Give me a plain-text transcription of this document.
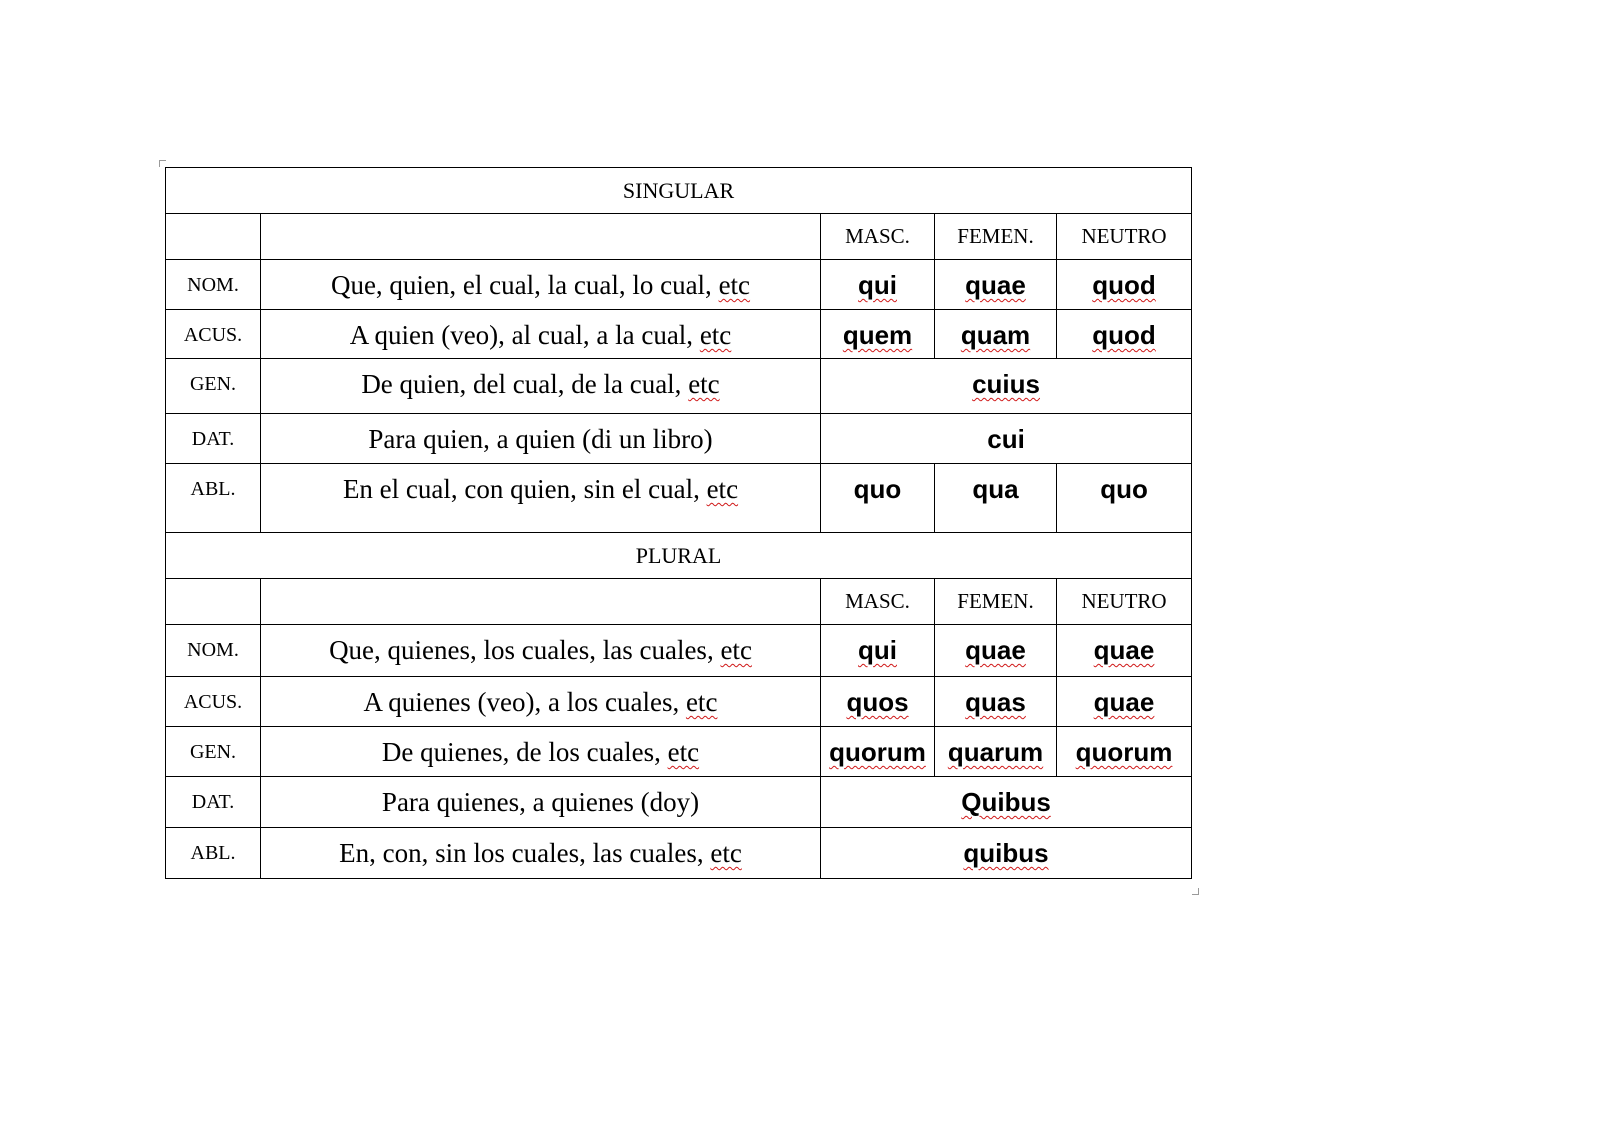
SINGULAR				
		MASC.	FEMEN.	NEUTRO
NOM.	Que, quien, el cual, la cual, lo cual, etc	qui	quae	quod
ACUS.	A quien (veo), al cual, a la cual, etc	quem	quam	quod
GEN.	De quien, del cual, de la cual, etc	cuius		
DAT.	Para quien, a quien (di un libro)	cui		
ABL.	En el cual, con quien, sin el cual, etc	quo	qua	quo
PLURAL				
		MASC.	FEMEN.	NEUTRO
NOM.	Que, quienes, los cuales, las cuales, etc	qui	quae	quae
ACUS.	A quienes (veo), a los cuales, etc	quos	quas	quae
GEN.	De quienes, de los cuales, etc	quorum	quarum	quorum
DAT.	Para quienes, a quienes (doy)	Quibus		
ABL.	En, con, sin los cuales, las cuales, etc	quibus		
